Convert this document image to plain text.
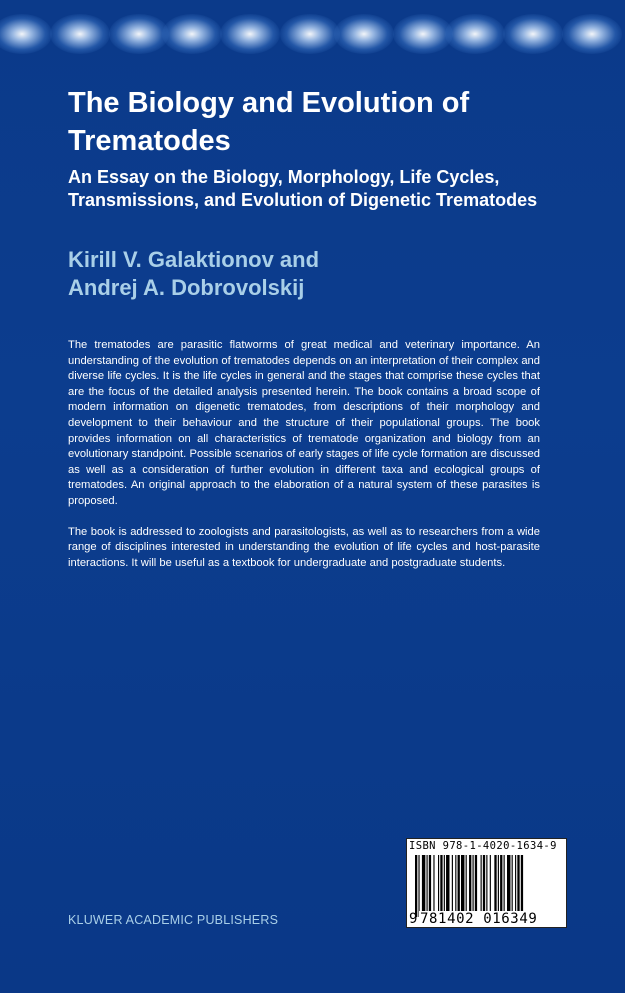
The Biology and Evolution of Trematodes
An Essay on the Biology, Morphology, Life Cycles, Transmissions, and Evolution of Digenetic Trematodes
Kirill V. Galaktionov and
Andrej A. Dobrovolskij

The trematodes are parasitic flatworms of great medical and veterinary importance. An understanding of the evolution of trematodes depends on an interpretation of their complex and diverse life cycles. It is the life cycles in general and the stages that comprise these cycles that are the focus of the detailed analysis presented herein. The book contains a broad scope of modern information on digenetic trematodes, from descriptions of their morphology and development to their behaviour and the structure of their populational groups. The book provides information on all characteristics of trematode organization and biology from an evolutionary standpoint. Possible scenarios of early stages of life cycle formation are discussed as well as a consideration of further evolution in different taxa and ecological groups of trematodes. An original approach to the elaboration of a natural system of these parasites is proposed.

The book is addressed to zoologists and parasitologists, as well as to researchers from a wide range of disciplines interested in understanding the evolution of life cycles and host-parasite interactions. It will be useful as a textbook for undergraduate and postgraduate students.

KLUWER ACADEMIC PUBLISHERS
ISBN 978-1-4020-1634-9
9 781402 016349
